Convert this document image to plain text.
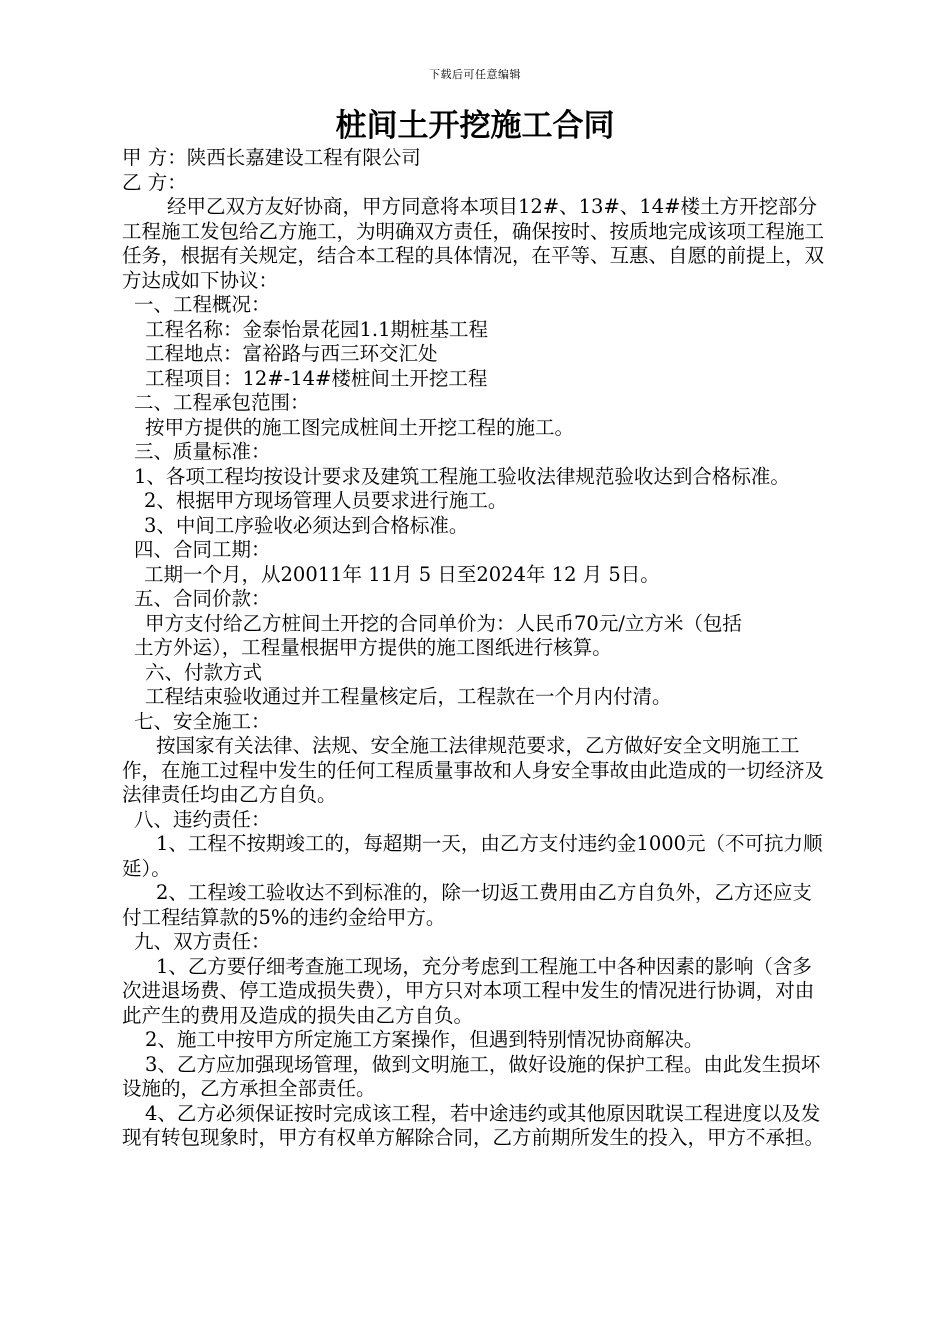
下载后可任意编辑
桩间土开挖施工合同

甲 方：陕西长嘉建设工程有限公司

乙 方：

经甲乙双方友好协商，甲方同意将本项目12#、13#、14#楼土方开挖部分工程施工发包给乙方施工，为明确双方责任，确保按时、按质地完成该项工程施工任务，根据有关规定，结合本工程的具体情况，在平等、互惠、自愿的前提上，双方达成如下协议：

一、工程概况：

工程名称：金泰怡景花园1.1期桩基工程

工程地点：富裕路与西三环交汇处

工程项目：12#-14#楼桩间土开挖工程

二、工程承包范围：

按甲方提供的施工图完成桩间土开挖工程的施工。

三、质量标准：

1、各项工程均按设计要求及建筑工程施工验收法律规范验收达到合格标准。

2、根据甲方现场管理人员要求进行施工。

3、中间工序验收必须达到合格标准。

四、合同工期：

工期一个月，从20011年 11月 5 日至2024年 12 月 5日。

五、合同价款：

甲方支付给乙方桩间土开挖的合同单价为：人民币70元/立方米（包括

土方外运），工程量根据甲方提供的施工图纸进行核算。

六、付款方式

工程结束验收通过并工程量核定后，工程款在一个月内付清。

七、安全施工：

按国家有关法律、法规、安全施工法律规范要求，乙方做好安全文明施工工作，在施工过程中发生的任何工程质量事故和人身安全事故由此造成的一切经济及法律责任均由乙方自负。

八、违约责任：

1、工程不按期竣工的，每超期一天，由乙方支付违约金1000元（不可抗力顺延）。

2、工程竣工验收达不到标准的，除一切返工费用由乙方自负外，乙方还应支付工程结算款的5%的违约金给甲方。

九、双方责任：

1、乙方要仔细考查施工现场，充分考虑到工程施工中各种因素的影响（含多次进退场费、停工造成损失费），甲方只对本项工程中发生的情况进行协调，对由此产生的费用及造成的损失由乙方自负。

2、施工中按甲方所定施工方案操作，但遇到特别情况协商解决。

3、乙方应加强现场管理，做到文明施工，做好设施的保护工程。由此发生损坏设施的，乙方承担全部责任。

4、乙方必须保证按时完成该工程，若中途违约或其他原因耽误工程进度以及发现有转包现象时，甲方有权单方解除合同，乙方前期所发生的投入，甲方不承担。
